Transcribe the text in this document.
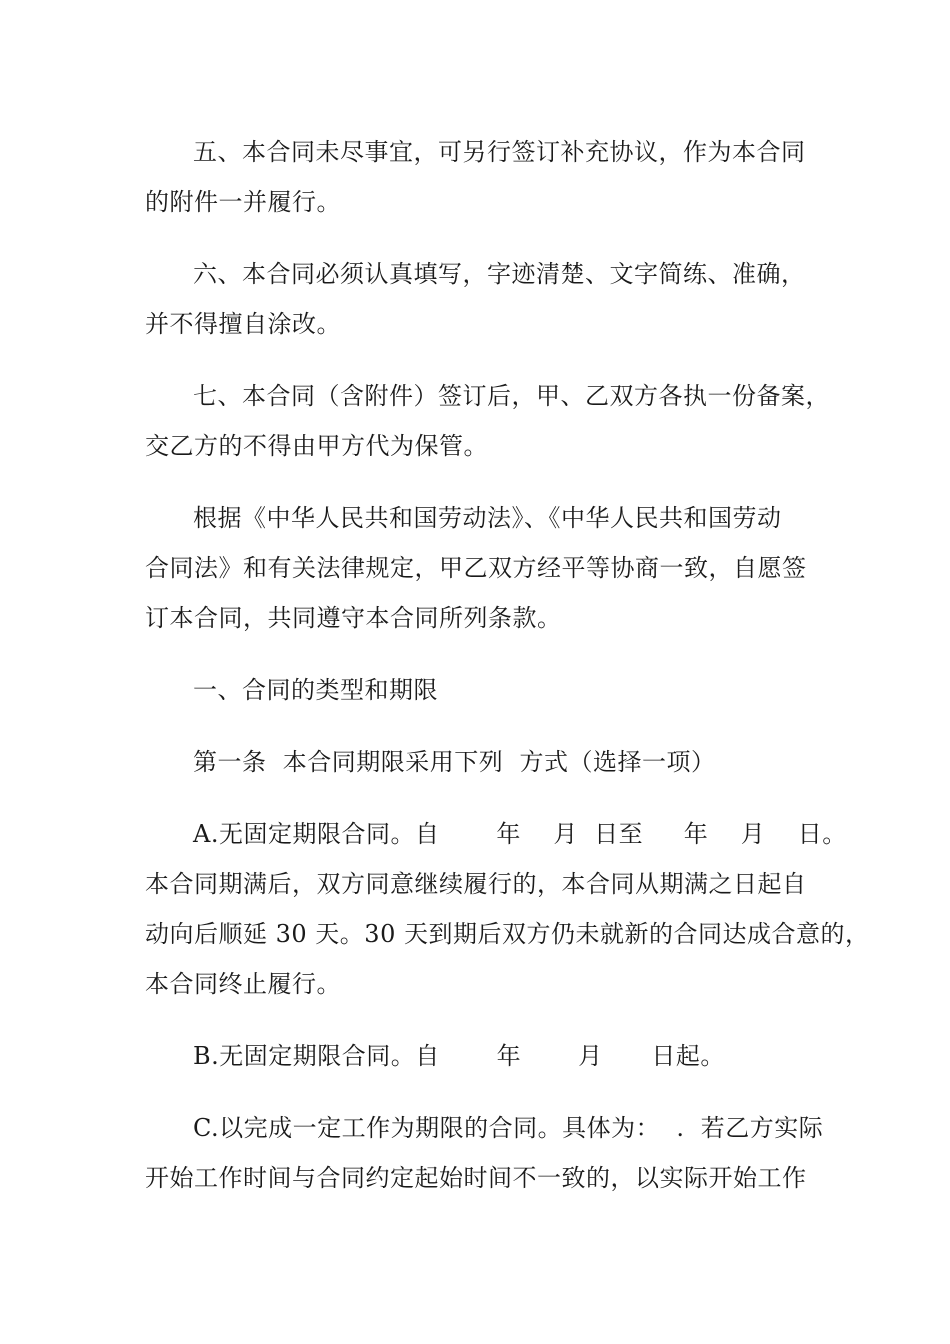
五、本合同未尽事宜，可另行签订补充协议，作为本合同
的附件一并履行。
六、本合同必须认真填写，字迹清楚、文字简练、准确，
并不得擅自涂改。
七、本合同（含附件）签订后，甲、乙双方各执一份备案，
交乙方的不得由甲方代为保管。
根据《中华人民共和国劳动法》、《中华人民共和国劳动
合同法》和有关法律规定，甲乙双方经平等协商一致，自愿签
订本合同，共同遵守本合同所列条款。
一、合同的类型和期限
第一条  本合同期限采用下列  方式（选择一项）
A.无固定期限合同。自       年    月  日至     年    月    日。
本合同期满后，双方同意继续履行的，本合同从期满之日起自
动向后顺延 30 天。30 天到期后双方仍未就新的合同达成合意的，
本合同终止履行。
B.无固定期限合同。自       年       月      日起。
C.以完成一定工作为期限的合同。具体为：  .  若乙方实际
开始工作时间与合同约定起始时间不一致的，以实际开始工作
